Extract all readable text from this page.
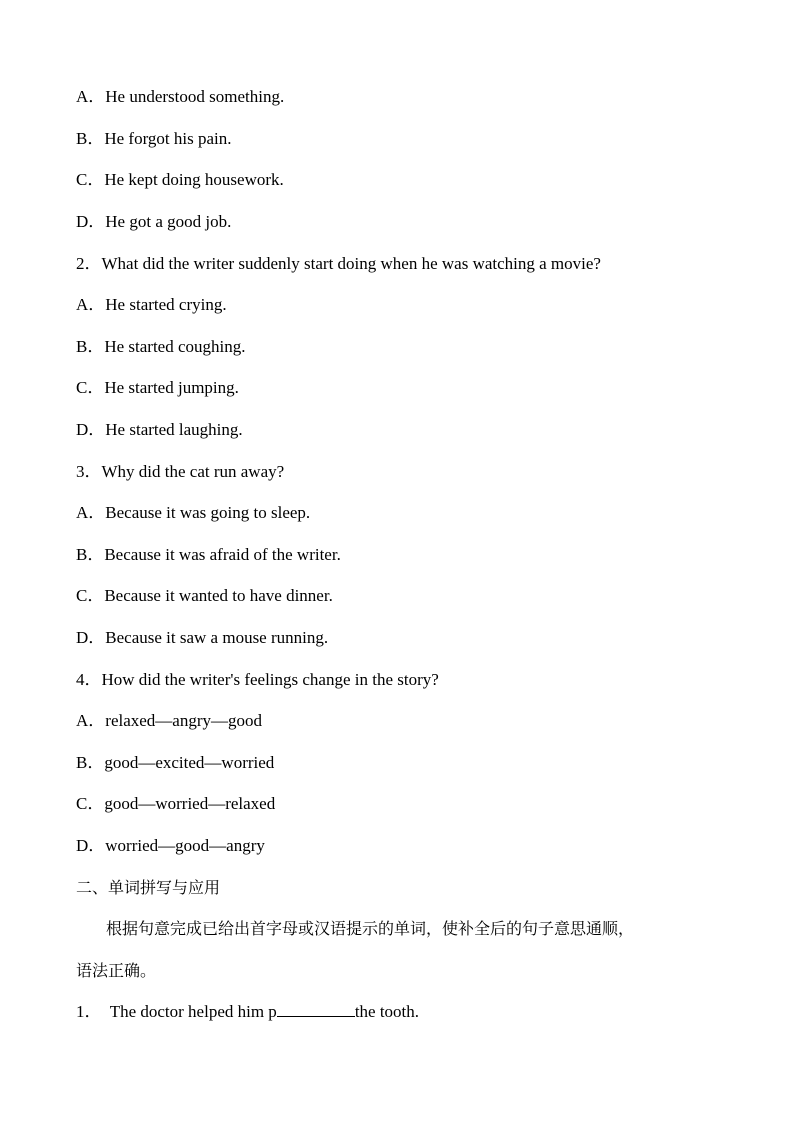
A．He understood something.
B．He forgot his pain.
C．He kept doing housework.
D．He got a good job.
2．What did the writer suddenly start doing when he was watching a movie?
A．He started crying.
B．He started coughing.
C．He started jumping.
D．He started laughing.
3．Why did the cat run away?
A．Because it was going to sleep.
B．Because it was afraid of the writer.
C．Because it wanted to have dinner.
D．Because it saw a mouse running.
4．How did the writer's feelings change in the story?
A．relaxed—angry—good
B．good—excited—worried
C．good—worried—relaxed
D．worried—good—angry
二、单词拼写与应用
根据句意完成已给出首字母或汉语提示的单词，使补全后的句子意思通顺，
语法正确。
1．  The doctor helped him p	the tooth.
